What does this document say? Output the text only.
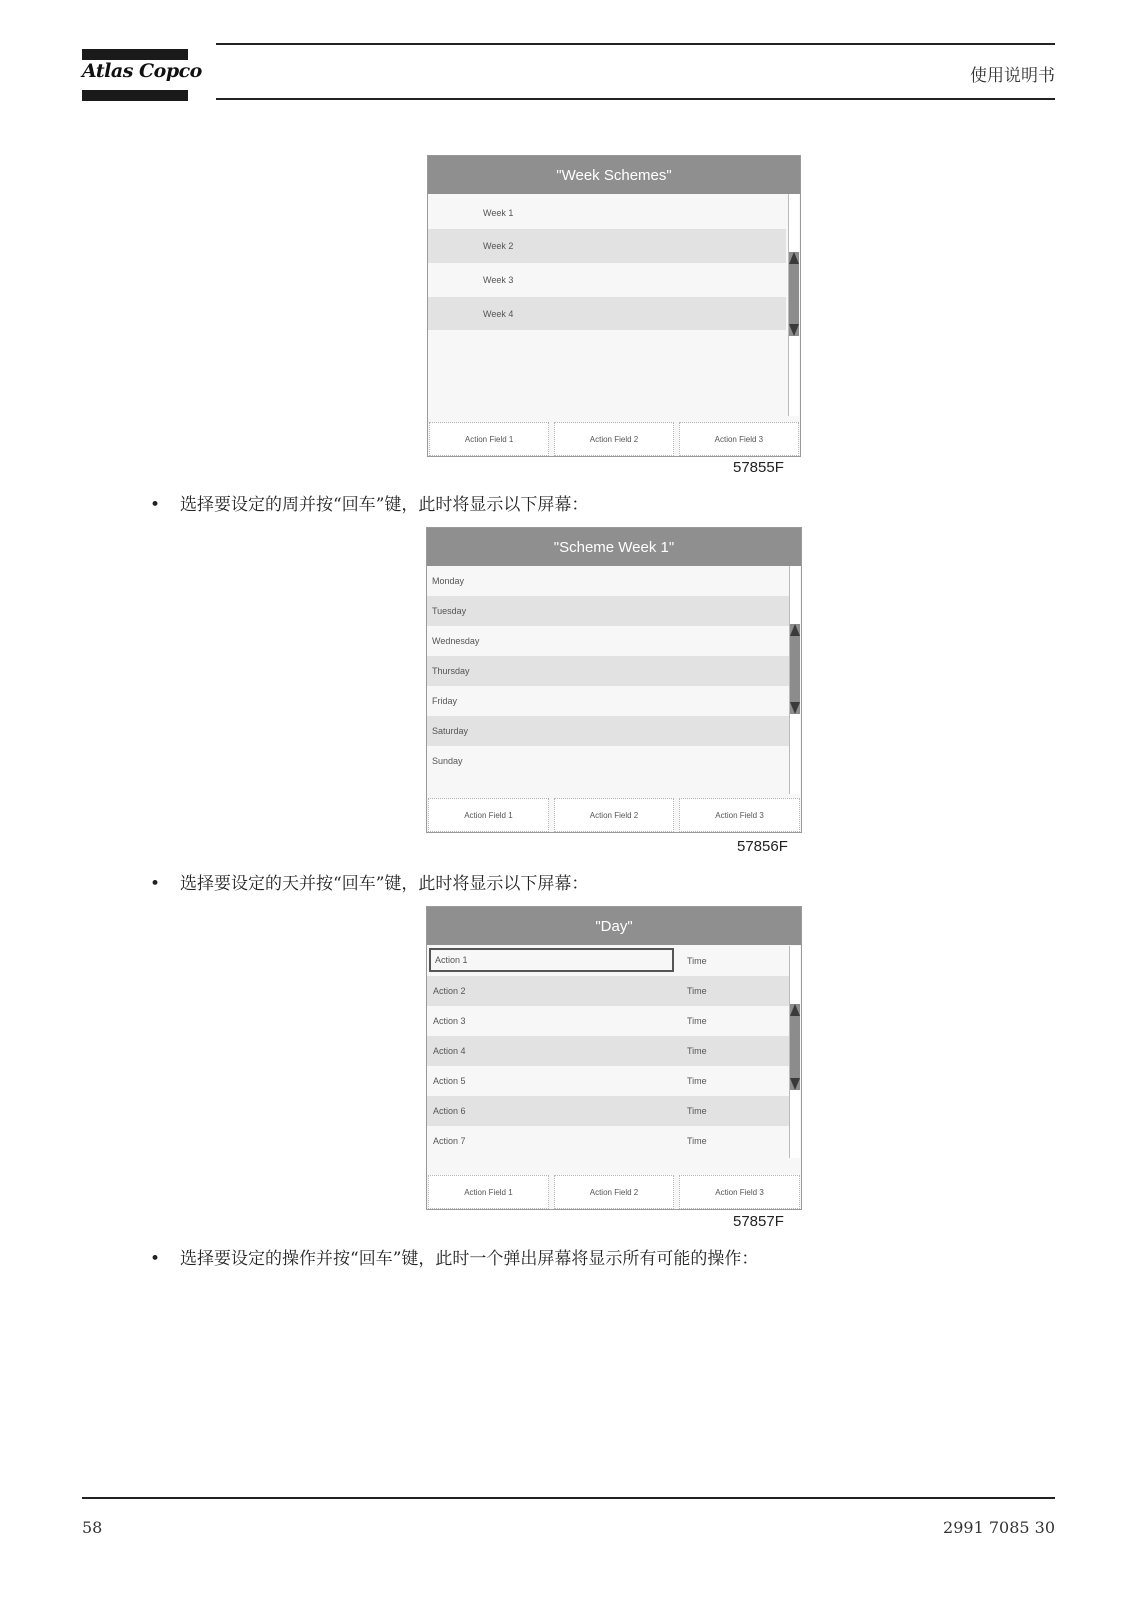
Atlas Copco	使用说明书
"Week Schemes"
Week 1
Week 2
Week 3
Week 4
Action Field 1	Action Field 2	Action Field 3
57855F
• 选择要设定的周并按“回车”键，此时将显示以下屏幕：
"Scheme Week 1"
Monday
Tuesday
Wednesday
Thursday
Friday
Saturday
Sunday
Action Field 1	Action Field 2	Action Field 3
57856F
• 选择要设定的天并按“回车”键，此时将显示以下屏幕：
"Day"
Action 1	Time
Action 2	Time
Action 3	Time
Action 4	Time
Action 5	Time
Action 6	Time
Action 7	Time
Action Field 1	Action Field 2	Action Field 3
57857F
• 选择要设定的操作并按“回车”键，此时一个弹出屏幕将显示所有可能的操作：
58	2991 7085 30
